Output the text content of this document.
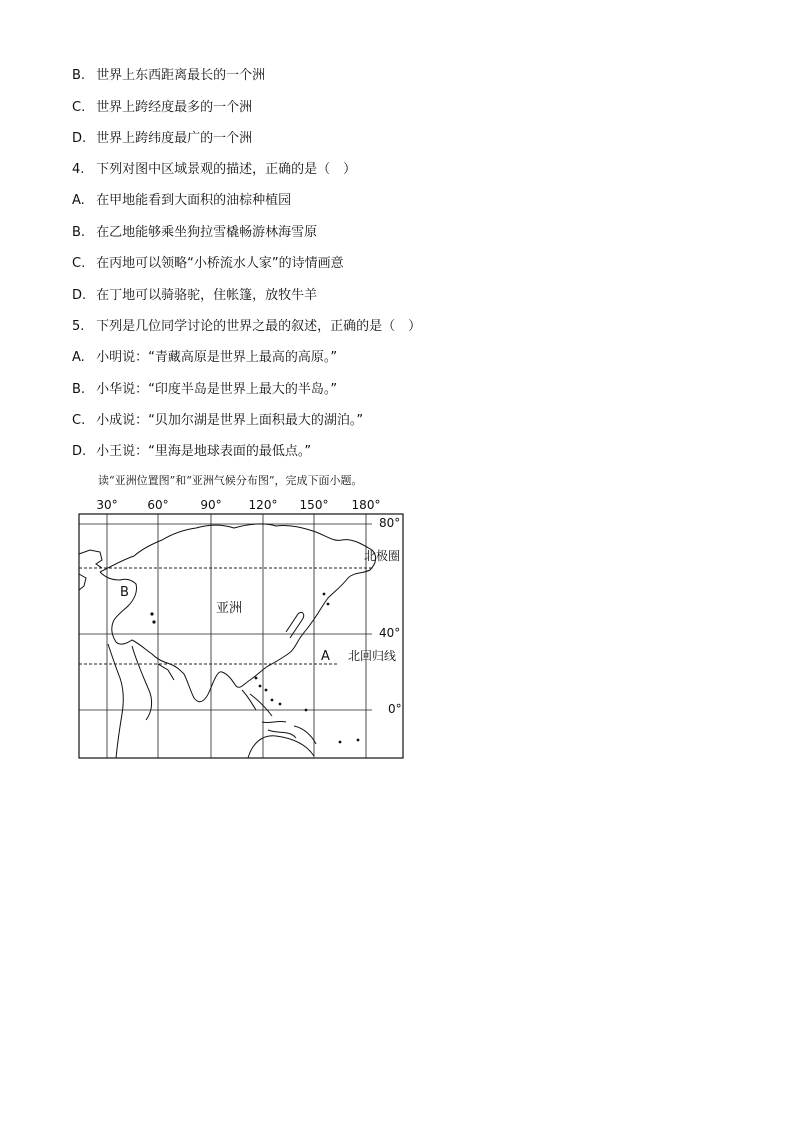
B. 世界上东西距离最长的一个洲
C. 世界上跨经度最多的一个洲
D. 世界上跨纬度最广的一个洲
4. 下列对图中区域景观的描述，正确的是（　）
A. 在甲地能看到大面积的油棕种植园
B. 在乙地能够乘坐狗拉雪橇畅游林海雪原
C. 在丙地可以领略“小桥流水人家”的诗情画意
D. 在丁地可以骑骆驼，住帐篷，放牧牛羊
5. 下列是几位同学讨论的世界之最的叙述，正确的是（　）
A. 小明说：“青藏高原是世界上最高的高原。”
B. 小华说：“印度半岛是世界上最大的半岛。”
C. 小成说：“贝加尔湖是世界上面积最大的湖泊。”
D. 小王说：“里海是地球表面的最低点。”
读“亚洲位置图”和“亚洲气候分布图”，完成下面小题。
30° 60°	90° 120° 150° 180°
80°
40°
0°
北极圈
北回归线
亚洲
A
B
